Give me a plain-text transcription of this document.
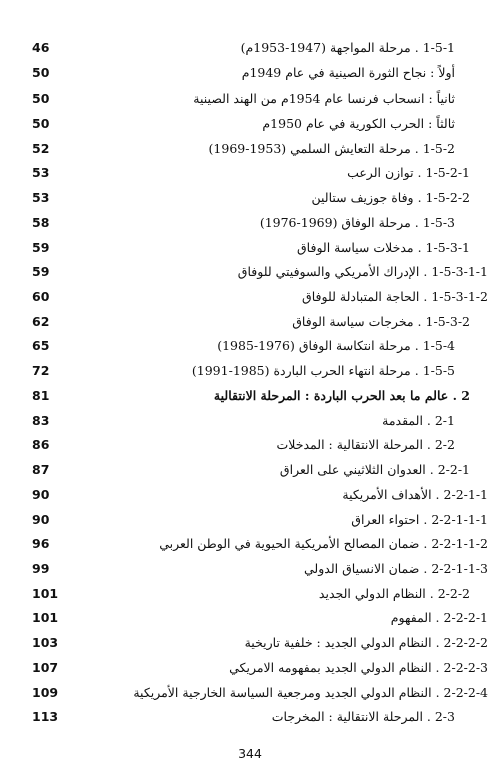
1-5-1 . مرحلة المواجهة (1947-1953م)
46
أولاً : نجاح الثورة الصينية في عام 1949م
50
ثانياً : انسحاب فرنسا عام 1954م من الهند الصينية
50
ثالثاً : الحرب الكورية في عام 1950م
50
1-5-2 . مرحلة التعايش السلمي (1953-1969)
52
1-5-2-1 . توازن الرعب
53
1-5-2-2 . وفاة جوزيف ستالين
53
1-5-3 . مرحلة الوفاق (1969-1976)
58
1-5-3-1 . مدخلات سياسة الوفاق
59
1-5-3-1-1 . الإدراك الأمريكي والسوفيتي للوفاق
59
1-5-3-1-2 . الحاجة المتبادلة للوفاق
60
1-5-3-2 . مخرجات سياسة الوفاق
62
1-5-4 . مرحلة انتكاسة الوفاق (1976-1985)
65
1-5-5 . مرحلة انتهاء الحرب الباردة (1985-1991)
72
2 . عالم ما بعد الحرب الباردة : المرحلة الانتقالية
81
2-1 . المقدمة
83
2-2 . المرحلة الانتقالية : المدخلات
86
2-2-1 . العدوان الثلاثيني على العراق
87
2-2-1-1 . الأهداف الأمريكية
90
2-2-1-1-1 . احتواء العراق
90
2-2-1-1-2 . ضمان المصالح الأمريكية الحيوية في الوطن العربي
96
2-2-1-1-3 . ضمان الانسياق الدولي
99
2-2-2 . النظام الدولي الجديد
101
2-2-2-1 . المفهوم
101
2-2-2-2 . النظام الدولي الجديد : خلفية تاريخية
103
2-2-2-3 . النظام الدولي الجديد بمفهومه الامريكي
107
2-2-2-4 . النظام الدولي الجديد ومرجعية السياسة الخارجية الأمريكية
109
2-3 . المرحلة الانتقالية : المخرجات
113
344
